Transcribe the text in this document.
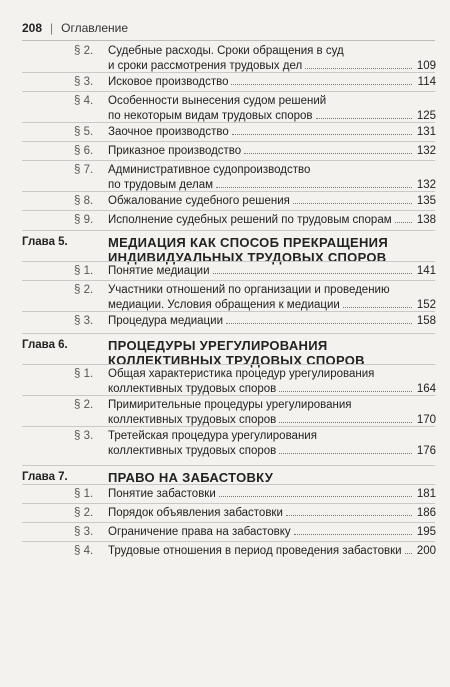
208 | Оглавление
§ 2. Судебные расходы. Сроки обращения в суд
и сроки рассмотрения трудовых дел	109
§ 3. Исковое производство	114
§ 4. Особенности вынесения судом решений
по некоторым видам трудовых споров	125
§ 5. Заочное производство	131
§ 6. Приказное производство	132
§ 7. Административное судопроизводство
по трудовым делам	132
§ 8. Обжалование судебного решения	135
§ 9. Исполнение судебных решений по трудовым спорам	138
Глава 5.	МЕДИАЦИЯ КАК СПОСОБ ПРЕКРАЩЕНИЯ
ИНДИВИДУАЛЬНЫХ ТРУДОВЫХ СПОРОВ
§ 1. Понятие медиации	141
§ 2. Участники отношений по организации и проведению
медиации. Условия обращения к медиации	152
§ 3. Процедура медиации	158
Глава 6.	ПРОЦЕДУРЫ УРЕГУЛИРОВАНИЯ
КОЛЛЕКТИВНЫХ ТРУДОВЫХ СПОРОВ
§ 1. Общая характеристика процедур урегулирования
коллективных трудовых споров	164
§ 2. Примирительные процедуры урегулирования
коллективных трудовых споров	170
§ 3. Третейская процедура урегулирования
коллективных трудовых споров	176
Глава 7.	ПРАВО НА ЗАБАСТОВКУ
§ 1. Понятие забастовки	181
§ 2. Порядок объявления забастовки	186
§ 3. Ограничение права на забастовку	195
§ 4. Трудовые отношения в период проведения забастовки	200
